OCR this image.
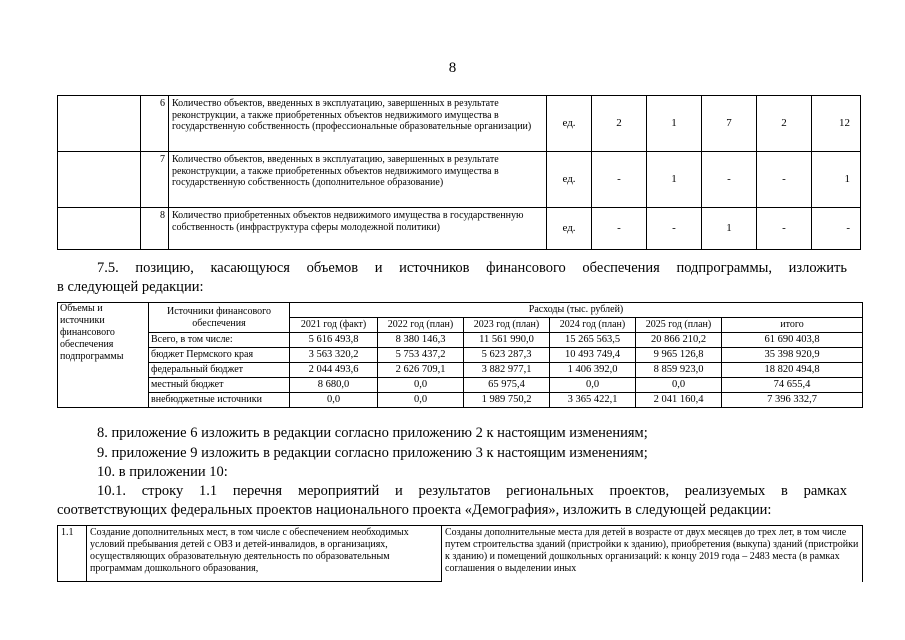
8
	6	Количество объектов, введенных в эксплуатацию, завершенных в результате реконструкции, а также приобретенных объектов недвижимого имущества в государственную собственность (профессиональные образовательные организации)	ед.	2	1	7	2	12
	7	Количество объектов, введенных в эксплуатацию, завершенных в результате реконструкции, а также приобретенных объектов недвижимого имущества в государственную собственность (дополнительное образование)	ед.	-	1	-	-	1
	8	Количество приобретенных объектов недвижимого имущества в государственную собственность (инфраструктура сферы молодежной политики)	ед.	-	-	1	-	-
7.5. позицию, касающуюся объемов и источников финансового обеспечения подпрограммы, изложить
в следующей редакции:
Объемы и источники финансового обеспечения подпрограммы	Источники финансового обеспечения	Расходы (тыс. рублей)					
		2021 год (факт)	2022 год (план)	2023 год (план)	2024 год (план)	2025 год (план)	итого
	Всего, в том числе:	5 616 493,8	8 380 146,3	11 561 990,0	15 265 563,5	20 866 210,2	61 690 403,8
	бюджет Пермского края	3 563 320,2	5 753 437,2	5 623 287,3	10 493 749,4	9 965 126,8	35 398 920,9
	федеральный бюджет	2 044 493,6	2 626 709,1	3 882 977,1	1 406 392,0	8 859 923,0	18 820 494,8
	местный бюджет	8 680,0	0,0	65 975,4	0,0	0,0	74 655,4
	внебюджетные источники	0,0	0,0	1 989 750,2	3 365 422,1	2 041 160,4	7 396 332,7
8. приложение 6 изложить в редакции согласно приложению 2 к настоящим изменениям;
9. приложение 9 изложить в редакции согласно приложению 3 к настоящим изменениям;
10. в приложении 10:
10.1. строку 1.1 перечня мероприятий и результатов региональных проектов, реализуемых в рамках
соответствующих федеральных проектов национального проекта «Демография», изложить в следующей редакции:
1.1	Создание дополнительных мест, в том числе с обеспечением необходимых условий пребывания детей с ОВЗ и детей-инвалидов, в организациях, осуществляющих образовательную деятельность по образовательным программам дошкольного образования,	Созданы дополнительные места для детей в возрасте от двух месяцев до трех лет, в том числе путем строительства зданий (пристройки к зданию), приобретения (выкупа) зданий (пристройки к зданию) и помещений дошкольных организаций: к концу 2019 года – 2483 места (в рамках соглашения о выделении иных
